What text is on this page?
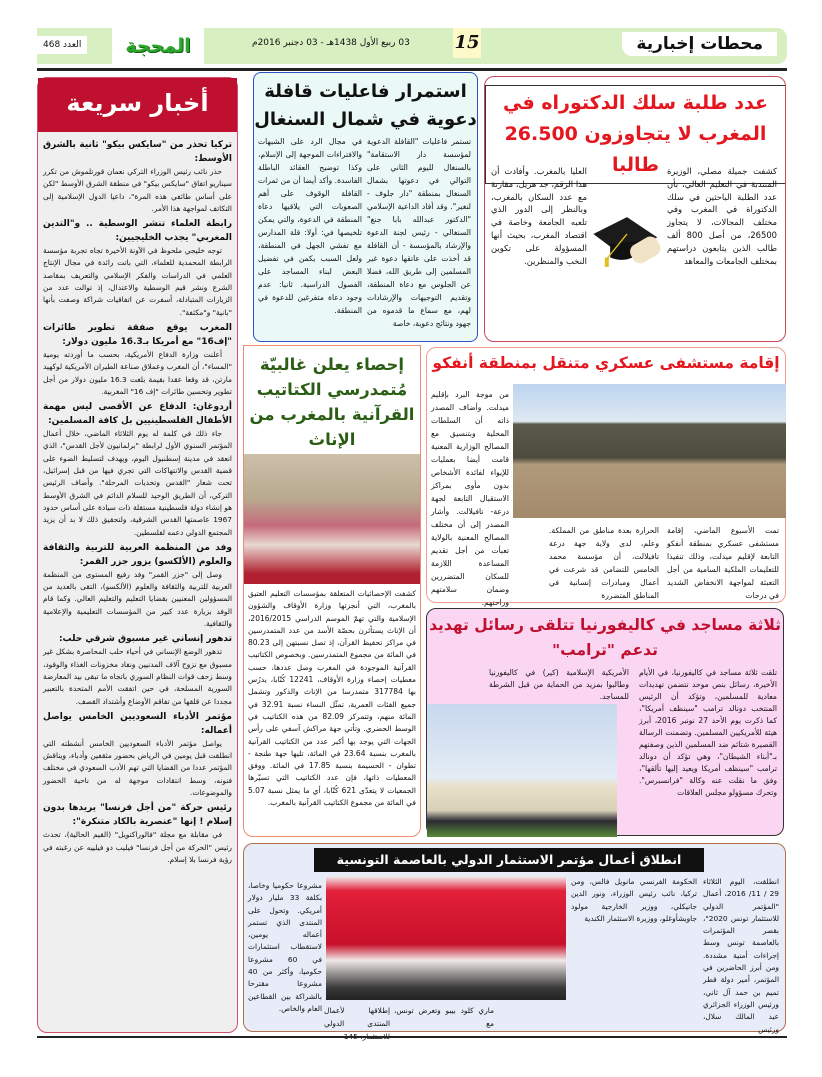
محطات إخبارية
15
03 ربيع الأول 1438هـ - 03 دجنبر 2016م
المحجة
العدد 468
عدد طلبة سلك الدكتوراه في المغرب لا يتجاوزون 26.500 طالبا كشفت جميلة مصلي، الوزيرة المنتدبة في التعليم العالي، بأن عدد الطلبة الباحثين في سلك الدكتوراة في المغرب وفي مختلف المجالات، لا يتجاوز 26500، من أصل 800 ألف طالب الذين يتابعون دراستهم بمختلف الجامعات والمعاهد
العليا بالمغرب. وأفادت أن هذا الرقم، جد هزيل، مقارنة مع عدد السكان بالمغرب، وبالنظر إلى الدور الذي تلعبه الجامعة وخاصة في اقتصاد المغرب، بحيث أنها المسؤولة على تكوين النخب والمنظرين.
استمرار فاعليات قافلة دعوية في شمال السنغال
تستمر فاعليات "القافلة الدعوية لمؤسسة دار الاستقامة" بالسنغال لليوم الثاني على التوالي في دعوتها بشمال السنغال بمنطقة "دار جلوف - لنغير". وقد أفاد الداعية الإسلامي "الدكتور عبدالله بابا جنغ" السنغالي - رئيس لجنة الدعوة والإرشاد بالمؤسسة - أن القافلة قد أخذت على عاتقها دعوة غير المسلمين إلى طريق الله، فضلا عن الجلوس مع دعاة المنطقة، وتقديم التوجيهات والإرشادات لهم، مع سماع ما قدموه من جهود ونتائج دعوية، خاصة
في مجال الرد على الشبهات والافتراءات الموجهة إلى الإسلام، وكذا توضيح العقائد الباطلة الفاسدة. وأكد أيضا أن من ثمرات القافلة الوقوف على أهم الصعوبات التي يلاقيها دعاة المنطقة في الدعوة، والتي يمكن تلخيصها في: أولا: قلة المدارس مع تفشي الجهل في المنطقة، ولعل السبب يكمن في تفضيل البعض لبناء المساجد على الفصول الدراسية. ثانيا: عدم وجود دعاة متفرغين للدعوة في المنطقة.
أخبار سريعة
تركيا تحذر من "سايكس بيكو" ثانية بالشرق الأوسط:

حذر نائب رئيس الوزراء التركي نعمان قورتلموش من تكرر سيناريو اتفاق "سايكس بيكو" في منطقة الشرق الأوسط "لكن على أساس طائفي هذه المرة"، داعيا الدول الإسلامية إلى التكاتف لمواجهة هذا الأمر.

رابطة العلماء تنشر الوسطية .. و"التدين المغربي" يجذب الخليجيين:

توجه خليجي ملحوظ في الآونة الأخيرة تجاه تجربة مؤسسة الرابطة المحمدية للعلماء، التي باتت رائدة في مجال الإنتاج العلمي في الدراسات والفكر الإسلامي والتعريف بمقاصد الشرع ونشر قيم الوسطية والاعتدال، إذ توالت عدد من الزيارات المتبادلة، أسفرت عن اتفاقيات شراكة وصفت بأنها "بانية" و"مكثفة".

المغرب يوقع صفقة تطوير طائرات "إف16" مع أمريكا بـ16.3 مليون دولار:

أعلنت وزارة الدفاع الأمريكية، بحسب ما أوردته يومية "المساء"، أن المغرب وعملاق صناعة الطيران الأمريكية لوكهيد مارتن، قد وقعا عقدا بقيمة بلغت 16.3 مليون دولار من أجل تطوير وتحسين طائرات "إف 16" المغربية.

أردوغان: الدفاع عن الأقصى ليس مهمة الأطفال الفلسطينيين بل كافة المسلمين:

جاء ذلك في كلمة له يوم الثلاثاء الماضي، خلال أعمال المؤتمر السنوي الأول لرابطة "برلمانيون لأجل القدس"، الذي انعقد في مدينة إسطنبول اليوم، ويهدف لتسليط الضوء على قضية القدس والانتهاكات التي تجري فيها من قبل إسرائيل، تحت شعار "القدس وتحديات المرحلة". وأضاف الرئيس التركي، أن الطريق الوحيد للسلام الدائم في الشرق الأوسط هو إنشاء دولة فلسطينية مستقلة ذات سيادة على أساس حدود 1967 عاصمتها القدس الشرقية، ولتحقيق ذلك لا بد أن يزيد المجتمع الدولي دعمه لفلسطين.

وفد من المنظمة العربية للتربية والثقافة والعلوم (الألكسو) يزور جزر القمر:

وصل إلى "جزر القمر" وفد رفيع المستوى من المنظمة العربية للتربية والثقافة والعلوم (الألكسو)، التقى بالعديد من المسؤولين المعنيين بقضايا التعليم والتعليم العالي. وكما قام الوفد بزيارة عدد كبير من المؤسسات التعليمية والإعلامية والثقافية.

تدهور إنساني غير مسبوق شرقي حلب:

تدهور الوضع الإنساني في أحياء حلب المحاصرة بشكل غير مسبوق مع نزوح آلاف المدنيين ونفاد مخزونات الغذاء والوقود، وسط زحف قوات النظام السوري باتجاه ما تبقى بيد المعارضة السورية المسلحة، في حين اتفقت الأمم المتحدة بالتعبير مجددا عن قلقها من تفاقم الأوضاع وأشتداد القصف.

مؤتمر الأدباء السعوديين الخامس يواصل أعماله:

يواصل مؤتمر الأدباء السعوديين الخامس أنشطته التي انطلقت قبل يومين في الرياض بحضور مثقفين وأدباء، ويناقش المؤتمر عددا من القضايا التي تهم الأدب السعودي في مختلف فنونه، وسط انتقادات موجهة له من ناحية الحضور والموضوعات.

رئيس حركة "من أجل فرنسا" يريدها بدون إسلام ! إنها "عنصرية بالكاد متنكرة":

في مقابلة مع مجلة "فالوراكتويل" (القيم الحالية)، تحدث رئيس "الحركة من أجل فرنسا" فيليب دو فيلييه عن رغبته في رؤية فرنسا بلا إسلام.

إحصاء يعلن غالبيّة مُتمدرسي الكتاتيب القرآنية بالمغرب من الإناث
كشفت الإحصائيات المتعلقة بمؤسسات التعليم العتيق بالمغرب، التي أنجزتها وزارة الأوقاف والشؤون الإسلامية والتي تهمّ الموسم الدراسي 2016/2015، أن الإناث يستأثرن بحصّة الأسد من عدد المتمدرسين في مراكز تحفيظ القرآن، إذ تصل نسبتهن إلى 80.23 في المائة من مجموع المتمدرسين. وبخصوص الكتاتيب القرآنية الموجودة في المغرب وصل عددها، حسب معطيات إحصاء وزارة الأوقاف، 12241 كُتّابا، يدرُس بها 317784 متمدرسا من الإناث والذكور وتشمل جميع الفئات العمرية، تمثّل النساء نسبة 32.91 في المائة منهم، وتتمركز 82.09 من هذه الكتاتيب في الوسط الحضري. وتأتي جهة مراكش آسفي على رأس الجهات التي يوجد بها أكبر عدد من الكتاتيب القرآنية بالمغرب بنسبة 23.64 في المائة، تليها جهة طنجة - تطوان - الحسيمة بنسبة 17.85 في المائة. ووفق المعطيات ذاتها، فإن عدد الكتاتيب التي تسيّرها الجمعيات لا يتعدّى 621 كُتّابا، أي ما يمثل نسبة 5.07 في المائة من مجموع الكتاتيب القرآنية بالمغرب.
إقامة مستشفى عسكري متنقل بمنطقة أنفكو
من موجة البرد بإقليم ميدلت. وأضاف المصدر ذاته أن السلطات المحلية وبتنسيق مع المصالح الوزارية المعنية قامت أيضا بعمليات للإيواء لفائدة الأشخاص بدون مأوى بمراكز الاستقبال التابعة لجهة درعة- تافيلالت. وأشار المصدر إلى أن مختلف المصالح المعنية بالولاية تعبأت من أجل تقديم المساعدة اللازمة للسكان المتضررين وضمان سلامتهم وراحتهم.
تمت الأسبوع الماضي، إقامة مستشفى عسكري بمنطقة أنفكو التابعة لإقليم ميدلت، وذلك تنفيذا للتعليمات الملكية السامية من أجل التعبئة لمواجهة الانخفاض الشديد في درجات
الحرارة بعدة مناطق من المملكة. وعلم، لدى ولاية جهة درعة تافيلالت، أن مؤسسة محمد الخامس للتضامن قد شرعت في أعمال ومبادرات إنسانية في المناطق المتضررة
ثلاثة مساجد في كاليفورنيا تتلقى رسائل تهديد تدعم "ترامب"
تلقت ثلاثة مساجد في كاليفورنيا، في الأيام الأخيرة، رسائل بنص موحد تتضمن تهديدات معادية للمسلمين، وتؤكد أن الرئيس المنتخب دونالد ترامب "سينظف أمريكا"، كما ذكرت يوم الأحد 27 نونبر 2016، أبرز هيئة للأمريكيين المسلمين. وتضمنت الرسالة القصيرة شتائم ضد المسلمين الذين وصفتهم بـ"أبناء الشيطان"، وهي تؤكد أن دونالد ترامب "سينظف أمريكا ويعيد إليها تألقها"، وفق ما نقلت عنه وكالة "فرانسبرس". وتحرك مسؤولو مجلس العلاقات
الأمريكية الإسلامية (كير) في كاليفورنيا وطالبوا بمزيد من الحماية من قبل الشرطة للمساجد.
انطلاق أعمال مؤتمر الاستثمار الدولي بالعاصمة التونسية
انطلقت، اليوم الثلاثاء 29 / 11/ 2016، أعمال "المؤتمر الدولي للاستثمار تونس 2020"، بقصر المؤتمرات بالعاصمة تونس وسط إجراءات أمنية مشددة. ومن أبرز الحاضرين في المؤتمر، أمير دولة قطر تميم بن حمد آل ثاني، ورئيس الوزراء الجزائري عبد المالك سلال، ورئيس
الحكومة الفرنسي مانويل فالس، ومن تركيا، نائب رئيس الوزراء، ونور الدين جانيكلي، ووزير الخارجية مولود جاويشأوغلو، ووزيرة الاستثمار الكندية
ماري كلود بيبو وتعرض تونس، مع
إطلاقها لأعمال المنتدى الدولي
مشروعا حكوميا وخاصا، بكلفة 33 مليار دولار أمريكي. وتحول على المنتدى الذي تستمر أعماله يومين، لاستقطاب استثمارات في 60 مشروعا حكوميا، وأكثر من 40 مشروعا مقترحا بالشراكة بين القطاعين العام والخاص.
